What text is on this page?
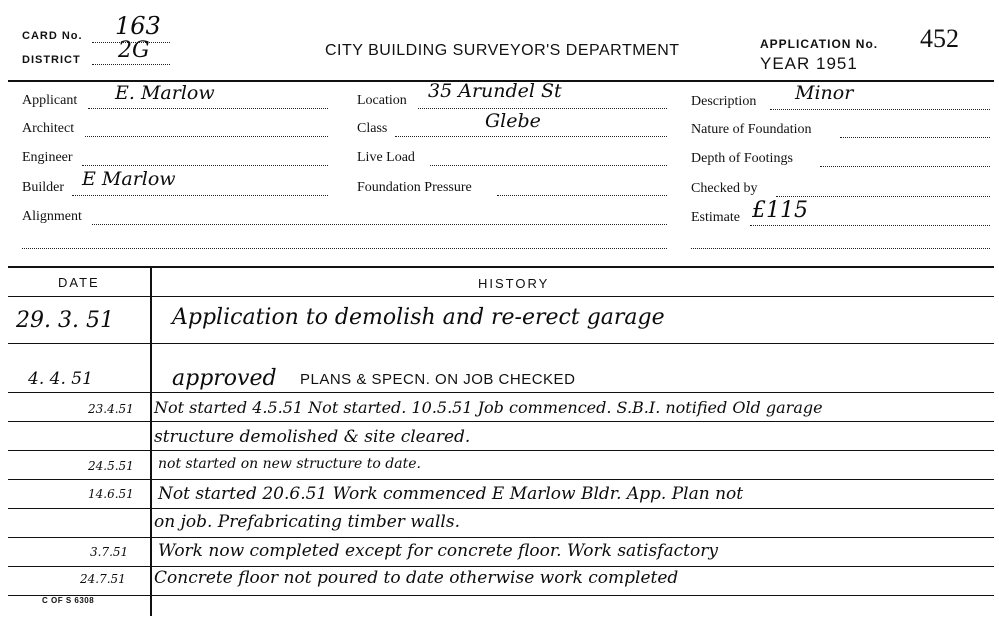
CARD No. 163
DISTRICT 2G	CITY BUILDING SURVEYOR'S DEPARTMENT	APPLICATION No. 452
YEAR 1951
Applicant E. Marlow
Architect
Engineer
Builder E Marlow
Alignment
Location 35 Arundel St
Class	Glebe
Live Load
Foundation Pressure
Description Minor
Nature of Foundation
Depth of Footings
Checked by
Estimate £115
DATE	HISTORY
29. 3. 51	Application to demolish and re-erect garage
4. 4. 51	approved PLANS & SPECN. ON JOB CHECKED
23.4.51 Not started 4.5.51 Not started. 10.5.51 Job commenced. S.B.I. notified Old garage
structure demolished & site cleared.
24.5.51 not started on new structure to date.
14.6.51 Not started 20.6.51 Work commenced E Marlow Bldr. App. Plan not
on job. Prefabricating timber walls.
3.7.51 Work now completed except for concrete floor. Work satisfactory
24.7.51 Concrete floor not poured to date otherwise work completed
C OF S 6308
